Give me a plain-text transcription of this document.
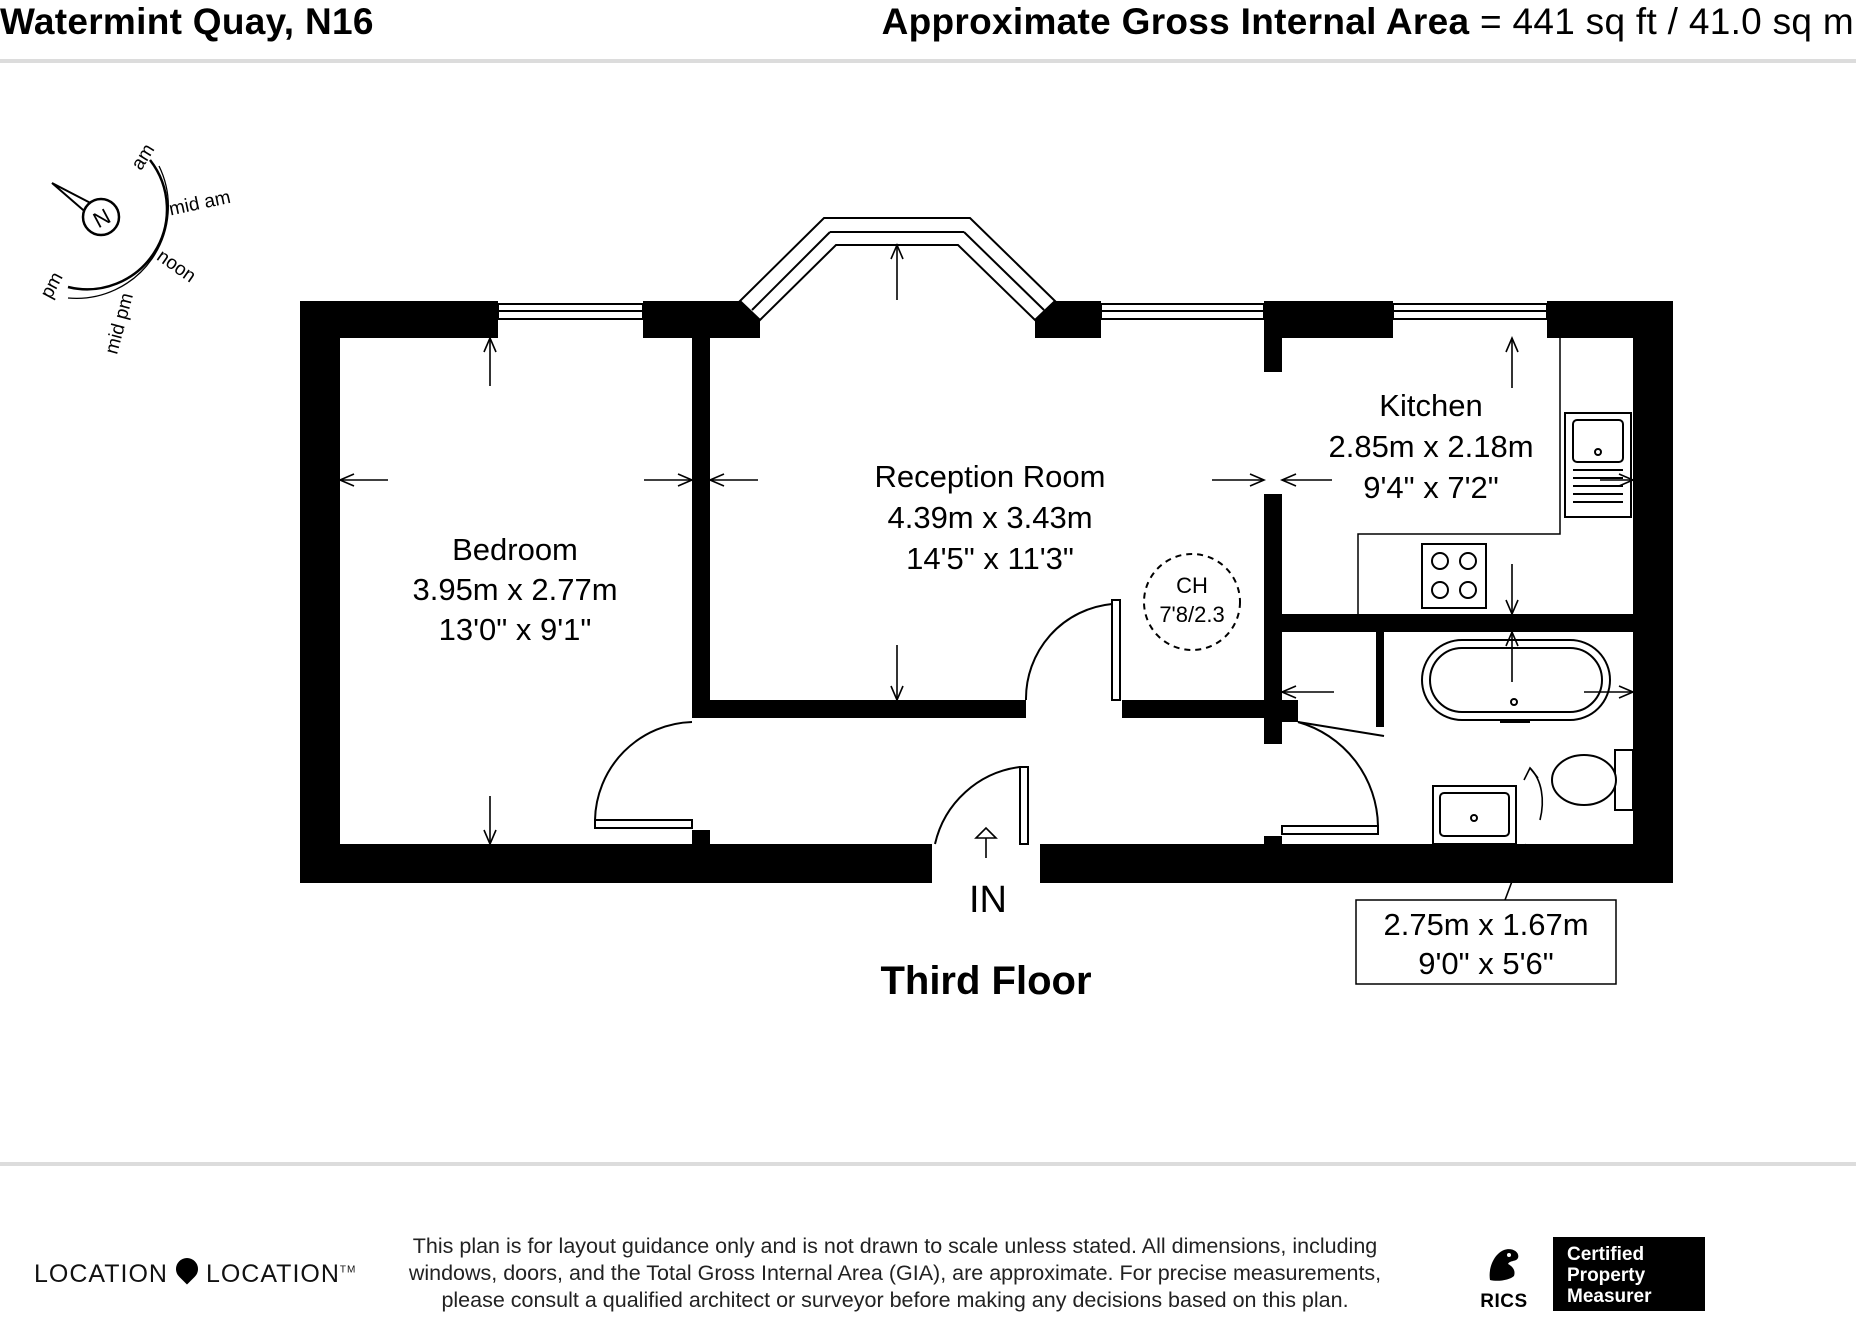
Watermint Quay, N16	Approximate Gross Internal Area = 441 sq ft / 41.0 sq m
N
am
mid am
noon
mid pm
pm
Bedroom
3.95m x 2.77m
13'0" x 9'1"
Reception Room
4.39m x 3.43m
14'5" x 11'3"
Kitchen
2.85m x 2.18m
9'4" x 7'2"
CH
7'8/2.3
2.75m x 1.67m
9'0" x 5'6"
IN
Third Floor
LOCATION LOCATION™
This plan is for layout guidance only and is not drawn to scale unless stated. All dimensions, including windows, doors, and the Total Gross Internal Area (GIA), are approximate. For precise measurements, please consult a qualified architect or surveyor before making any decisions based on this plan.	RICS
Certified
Property
Measurer
